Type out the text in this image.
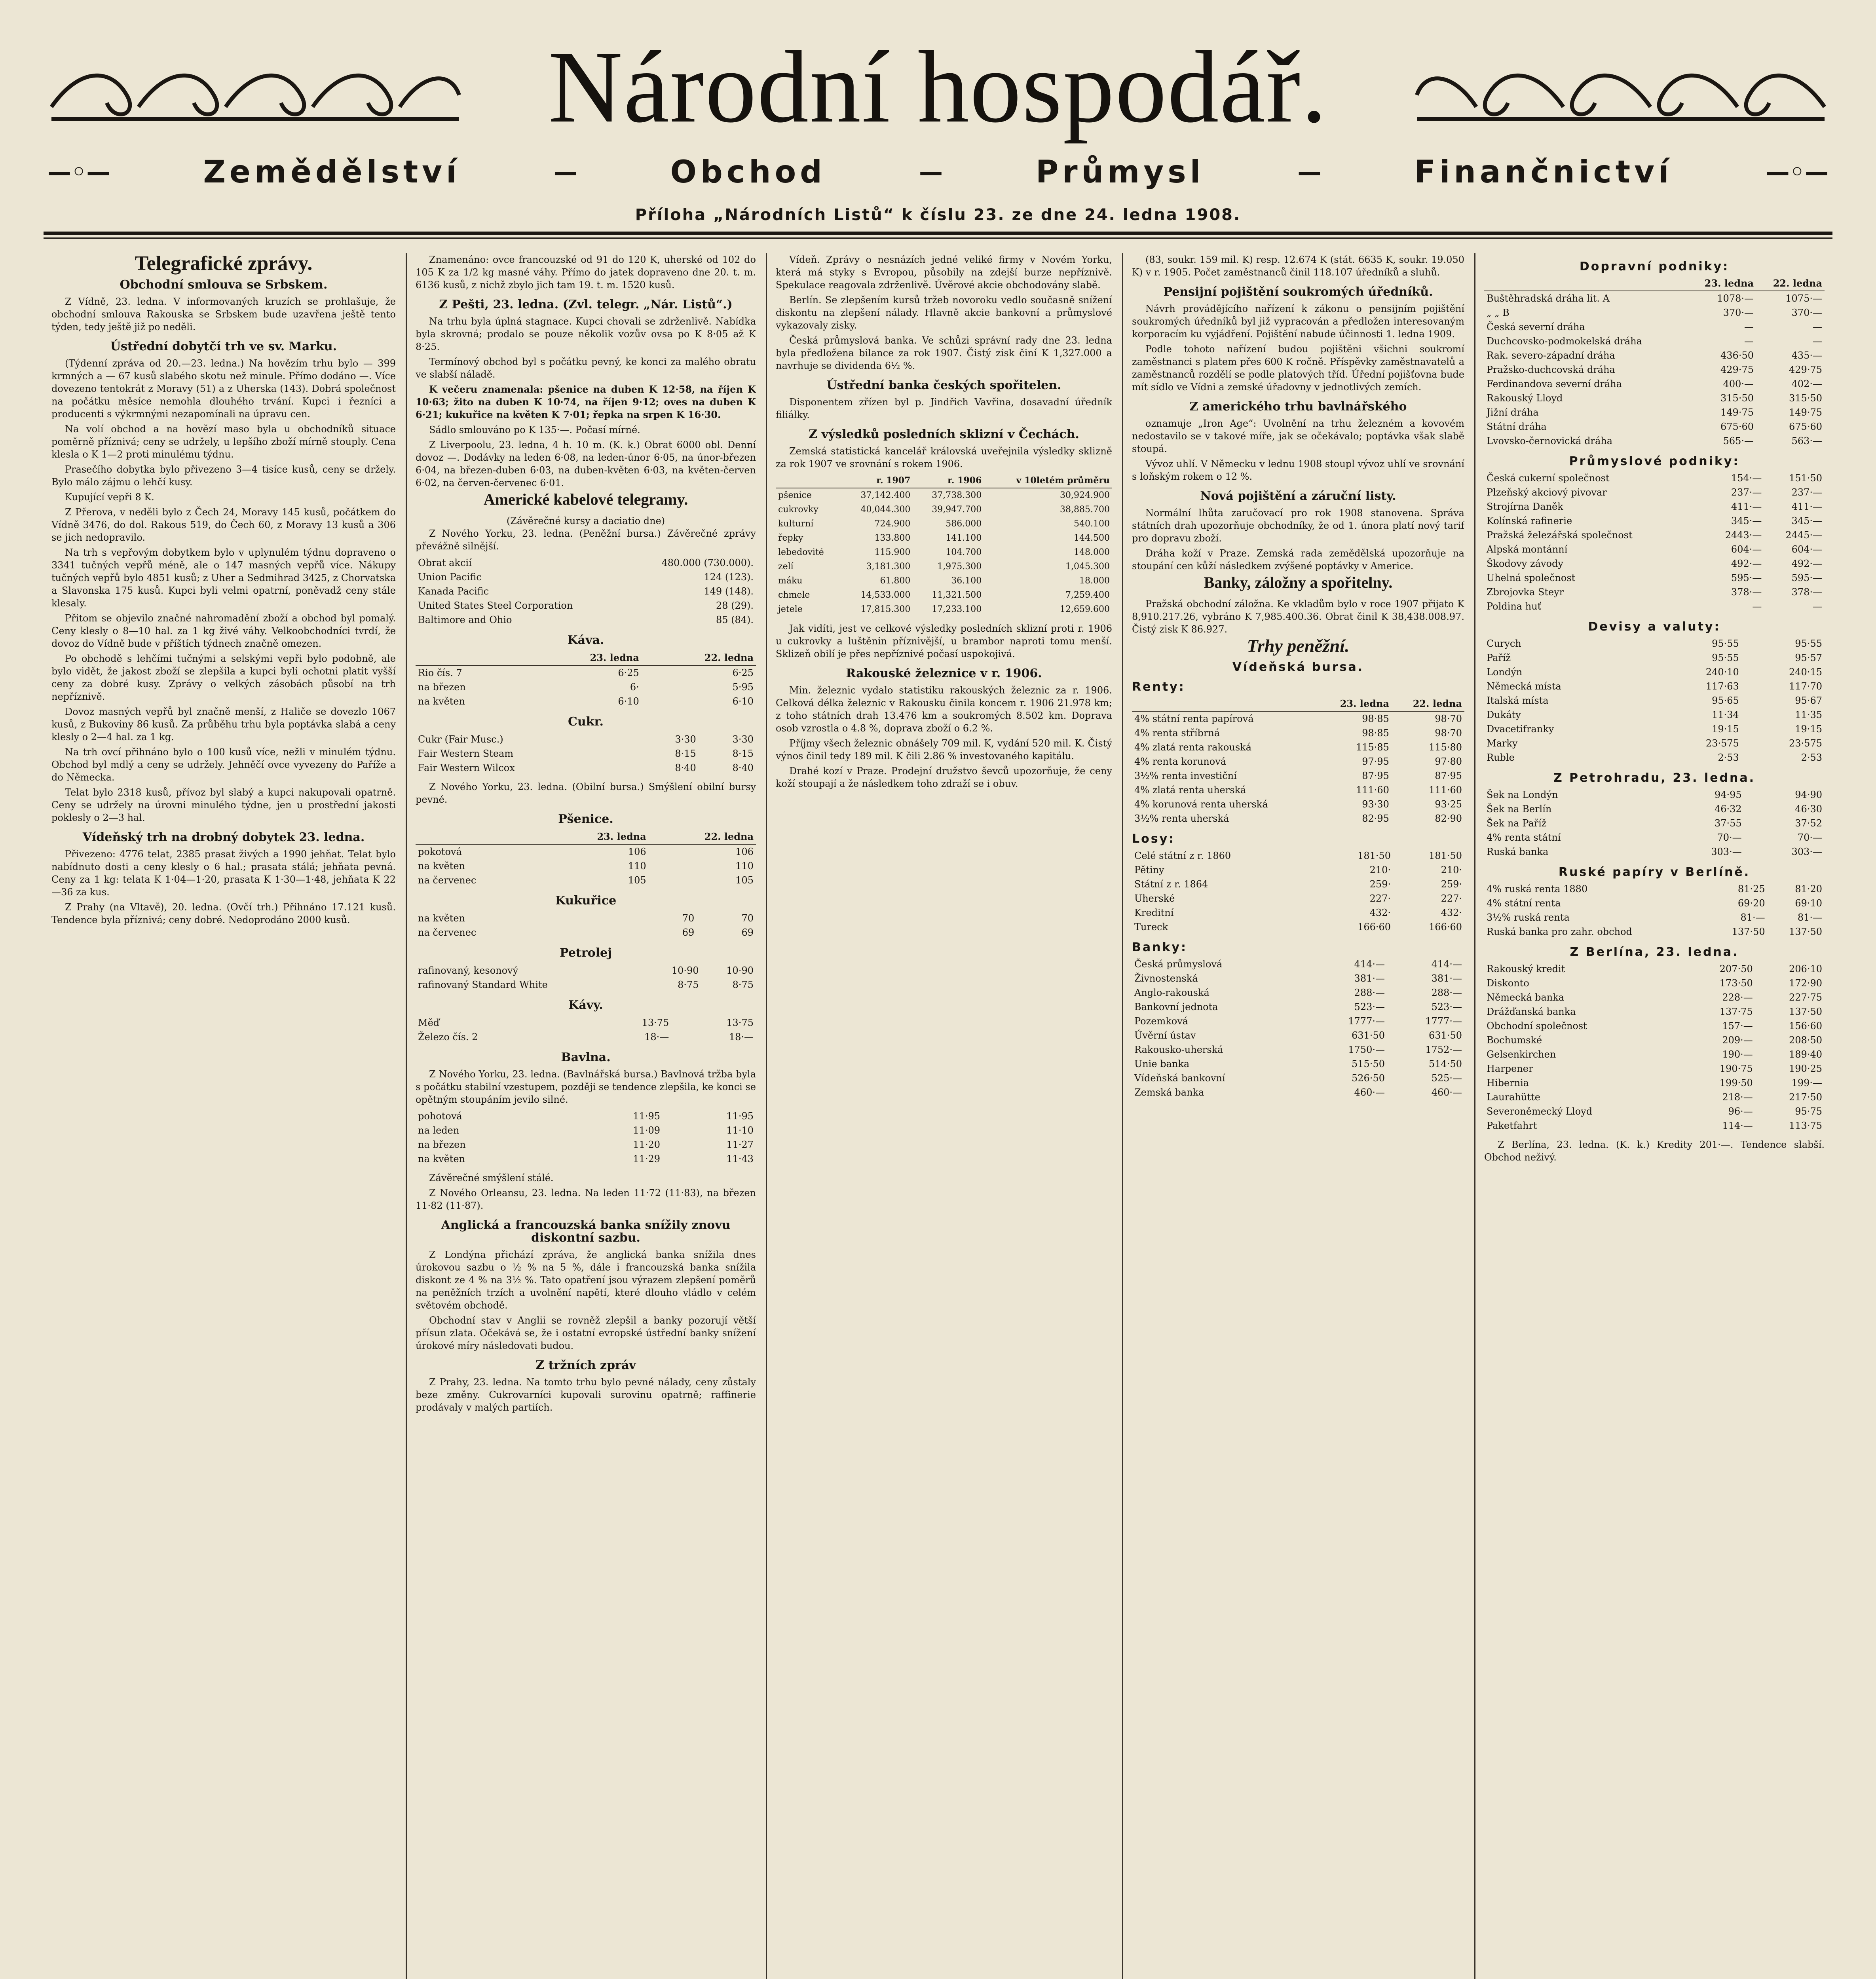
Národní hospodář.
—◦—	Zemědělství	—	Obchod	—	Průmysl	—	Finančnictví	—◦—
Příloha „Národních Listů“ k číslu 23. ze dne 24. ledna 1908.
Telegrafické zprávy.
Obchodní smlouva se Srbskem.

Z Vídně, 23. ledna. V informovaných kruzích se prohlašuje, že obchodní smlouva Rakouska se Srbskem bude uzavřena ještě tento týden, tedy ještě již po neděli.

Ústřední dobytčí trh ve sv. Marku.

(Týdenní zpráva od 20.—23. ledna.) Na hovězím trhu bylo — 399 krmných a — 67 kusů slabého skotu než minule. Přímo dodáno —. Více dovezeno tentokrát z Moravy (51) a z Uherska (143). Dobrá společnost na počátku měsíce nemohla dlouhého trvání. Kupci i řezníci a producenti s výkrmnými nezapomínali na úpravu cen.

Na volí obchod a na hovězí maso byla u obchodníků situace poměrně příznivá; ceny se udržely, u lepšího zboží mírně stouply. Cena klesla o K 1—2 proti minulému týdnu.

Prasečího dobytka bylo přivezeno 3—4 tisíce kusů, ceny se držely. Bylo málo zájmu o lehčí kusy.

Kupující vepři 8 K.

Z Přerova, v neděli bylo z Čech 24, Moravy 145 kusů, počátkem do Vídně 3476, do dol. Rakous 519, do Čech 60, z Moravy 13 kusů a 306 se jich nedopravilo.

Na trh s vepřovým dobytkem bylo v uplynulém týdnu dopraveno o 3341 tučných vepřů méně, ale o 147 masných vepřů více. Nákupy tučných vepřů bylo 4851 kusů; z Uher a Sedmihrad 3425, z Chorvatska a Slavonska 175 kusů. Kupci byli velmi opatrní, poněvadž ceny stále klesaly.

Přitom se objevilo značné nahromadění zboží a obchod byl pomalý. Ceny klesly o 8—10 hal. za 1 kg živé váhy. Velkoobchodníci tvrdí, že dovoz do Vídně bude v příštích týdnech značně omezen.

Po obchodě s lehčími tučnými a selskými vepři bylo podobně, ale bylo vidět, že jakost zboží se zlepšila a kupci byli ochotni platit vyšší ceny za dobré kusy. Zprávy o velkých zásobách působí na trh nepříznivě.

Dovoz masných vepřů byl značně menší, z Haliče se dovezlo 1067 kusů, z Bukoviny 86 kusů. Za průběhu trhu byla poptávka slabá a ceny klesly o 2—4 hal. za 1 kg.

Na trh ovcí přihnáno bylo o 100 kusů více, nežli v minulém týdnu. Obchod byl mdlý a ceny se udržely. Jehněčí ovce vyvezeny do Paříže a do Německa.

Telat bylo 2318 kusů, přívoz byl slabý a kupci nakupovali opatrně. Ceny se udržely na úrovni minulého týdne, jen u prostřední jakosti poklesly o 2—3 hal.

Vídeňský trh na drobný dobytek 23. ledna.

Přivezeno: 4776 telat, 2385 prasat živých a 1990 jehňat. Telat bylo nabídnuto dosti a ceny klesly o 6 hal.; prasata stálá; jehňata pevná. Ceny za 1 kg: telata K 1·04—1·20, prasata K 1·30—1·48, jehňata K 22—36 za kus.

Z Prahy (na Vltavě), 20. ledna. (Ovčí trh.) Přihnáno 17.121 kusů. Tendence byla příznivá; ceny dobré. Nedoprodáno 2000 kusů.

Znamenáno: ovce francouzské od 91 do 120 K, uherské od 102 do 105 K za 1/2 kg masné váhy. Přímo do jatek dopraveno dne 20. t. m. 6136 kusů, z nichž zbylo jich tam 19. t. m. 1520 kusů.

Z Pešti, 23. ledna. (Zvl. telegr. „Nár. Listů“.)

Na trhu byla úplná stagnace. Kupci chovali se zdrženlivě. Nabídka byla skrovná; prodalo se pouze několik vozův ovsa po K 8·05 až K 8·25.

Termínový obchod byl s počátku pevný, ke konci za malého obratu ve slabší náladě.

K večeru znamenala: pšenice na duben K 12·58, na říjen K 10·63; žito na duben K 10·74, na říjen 9·12; oves na duben K 6·21; kukuřice na květen K 7·01; řepka na srpen K 16·30.

Sádlo smlouváno po K 135·—. Počasí mírné.

Z Liverpoolu, 23. ledna, 4 h. 10 m. (K. k.) Obrat 6000 obl. Denní dovoz —. Dodávky na leden 6·08, na leden-únor 6·05, na únor-březen 6·04, na březen-duben 6·03, na duben-květen 6·03, na květen-červen 6·02, na červen-červenec 6·01.

Americké kabelové telegramy.
(Závěrečné kursy a daciatio dne)

Z Nového Yorku, 23. ledna. (Peněžní bursa.) Závěrečné zprávy převážně silnější.

Obrat akcií	480.000 (730.000).
Union Pacific	124 (123).
Kanada Pacific	149 (148).
United States Steel Corporation	28 (29).
Baltimore and Ohio	85 (84).
Káva.
	23. ledna	22. ledna
Rio čís. 7	6·25	6·25
na březen	6·	5·95
na květen	6·10	6·10
Cukr.
Cukr (Fair Musc.)	3·30	3·30
Fair Western Steam	8·15	8·15
Fair Western Wilcox	8·40	8·40

Z Nového Yorku, 23. ledna. (Obilní bursa.) Smýšlení obilní bursy pevné.

Pšenice.
	23. ledna	22. ledna
pokotová	106	106
na květen	110	110
na červenec	105	105
Kukuřice
na květen	70	70
na červenec	69	69
Petrolej
rafinovaný, kesonový	10·90	10·90
rafinovaný Standard White	8·75	8·75
Kávy.
Měď	13·75	13·75
Železo čís. 2	18·—	18·—
Bavlna.

Z Nového Yorku, 23. ledna. (Bavlnářská bursa.) Bavlnová tržba byla s počátku stabilní vzestupem, později se tendence zlepšila, ke konci se opětným stoupáním jevilo silné.

pohotová	11·95	11·95
na leden	11·09	11·10
na březen	11·20	11·27
na květen	11·29	11·43

Závěrečné smýšlení stálé.

Z Nového Orleansu, 23. ledna. Na leden 11·72 (11·83), na březen 11·82 (11·87).

Anglická a francouzská banka snížily znovu diskontní sazbu.

Z Londýna přichází zpráva, že anglická banka snížila dnes úrokovou sazbu o ½ % na 5 %, dále i francouzská banka snížila diskont ze 4 % na 3½ %. Tato opatření jsou výrazem zlepšení poměrů na peněžních trzích a uvolnění napětí, které dlouho vládlo v celém světovém obchodě.

Obchodní stav v Anglii se rovněž zlepšil a banky pozorují větší přísun zlata. Očekává se, že i ostatní evropské ústřední banky snížení úrokové míry následovati budou.

Z tržních zpráv

Z Prahy, 23. ledna. Na tomto trhu bylo pevné nálady, ceny zůstaly beze změny. Cukrovarníci kupovali surovinu opatrně; raffinerie prodávaly v malých partiích.

Vídeň. Zprávy o nesnázích jedné veliké firmy v Novém Yorku, která má styky s Evropou, působily na zdejší burze nepříznivě. Spekulace reagovala zdrženlivě. Úvěrové akcie obchodovány slabě.

Berlín. Se zlepšením kursů tržeb novoroku vedlo současně snížení diskontu na zlepšení nálady. Hlavně akcie bankovní a průmyslové vykazovaly zisky.

Česká průmyslová banka. Ve schůzi správní rady dne 23. ledna byla předložena bilance za rok 1907. Čistý zisk činí K 1,327.000 a navrhuje se dividenda 6½ %.

Ústřední banka českých spořitelen.

Disponentem zřízen byl p. Jindřich Vavřina, dosavadní úředník filiálky.

Z výsledků posledních sklizní v Čechách.

Zemská statistická kancelář královská uveřejnila výsledky sklizně za rok 1907 ve srovnání s rokem 1906.

	r. 1907	r. 1906	v 10letém průměru
pšenice	37,142.400	37,738.300	30,924.900
cukrovky	40,044.300	39,947.700	38,885.700
kulturní	724.900	586.000	540.100
řepky	133.800	141.100	144.500
lebedovité	115.900	104.700	148.000
zelí	3,181.300	1,975.300	1,045.300
máku	61.800	36.100	18.000
chmele	14,533.000	11,321.500	7,259.400
jetele	17,815.300	17,233.100	12,659.600

Jak vidíti, jest ve celkové výsledky posledních sklizní proti r. 1906 u cukrovky a luštěnin příznivější, u brambor naproti tomu menší. Sklizeň obilí je přes nepříznivé počasí uspokojivá.

Rakouské železnice v r. 1906.

Min. železnic vydalo statistiku rakouských železnic za r. 1906. Celková délka železnic v Rakousku činila koncem r. 1906 21.978 km; z toho státních drah 13.476 km a soukromých 8.502 km. Doprava osob vzrostla o 4.8 %, doprava zboží o 6.2 %.

Příjmy všech železnic obnášely 709 mil. K, vydání 520 mil. K. Čistý výnos činil tedy 189 mil. K čili 2.86 % investovaného kapitálu.

Drahé kozí v Praze. Prodejní družstvo ševců upozorňuje, že ceny koží stoupají a že následkem toho zdraží se i obuv.

(83, soukr. 159 mil. K) resp. 12.674 K (stát. 6635 K, soukr. 19.050 K) v r. 1905. Počet zaměstnanců činil 118.107 úředníků a sluhů.

Pensijní pojištění soukromých úředníků.

Návrh provádějícího nařízení k zákonu o pensijním pojištění soukromých úředníků byl již vypracován a předložen interesovaným korporacím ku vyjádření. Pojištění nabude účinnosti 1. ledna 1909.

Podle tohoto nařízení budou pojištěni všichni soukromí zaměstnanci s platem přes 600 K ročně. Příspěvky zaměstnavatelů a zaměstnanců rozdělí se podle platových tříd. Úřední pojišťovna bude mít sídlo ve Vídni a zemské úřadovny v jednotlivých zemích.

Z amerického trhu bavlnářského

oznamuje „Iron Age“: Uvolnění na trhu železném a kovovém nedostavilo se v takové míře, jak se očekávalo; poptávka však slabě stoupá.

Vývoz uhlí. V Německu v lednu 1908 stoupl vývoz uhlí ve srovnání s loňským rokem o 12 %.

Nová pojištění a záruční listy.

Normální lhůta zaručovací pro rok 1908 stanovena. Správa státních drah upozorňuje obchodníky, že od 1. února platí nový tarif pro dopravu zboží.

Dráha koží v Praze. Zemská rada zemědělská upozorňuje na stoupání cen kůží následkem zvýšené poptávky v Americe.

Banky, záložny a spořitelny.

Pražská obchodní záložna. Ke vkladům bylo v roce 1907 přijato K 8,910.217.26, vybráno K 7,985.400.36. Obrat činil K 38,438.008.97. Čistý zisk K 86.927.

Trhy peněžní.
Vídeňská bursa.
Renty:
	23. ledna	22. ledna
4% státní renta papírová	98·85	98·70
4% renta stříbrná	98·85	98·70
4% zlatá renta rakouská	115·85	115·80
4% renta korunová	97·95	97·80
3½% renta investiční	87·95	87·95
4% zlatá renta uherská	111·60	111·60
4% korunová renta uherská	93·30	93·25
3½% renta uherská	82·95	82·90
Losy:
Celé státní z r. 1860	181·50	181·50
Pětiny	210·	210·
Státní z r. 1864	259·	259·
Uherské	227·	227·
Kreditní	432·	432·
Tureck	166·60	166·60
Banky:
Česká průmyslová	414·—	414·—
Živnostenská	381·—	381·—
Anglo-rakouská	288·—	288·—
Bankovní jednota	523·—	523·—
Pozemková	1777·—	1777·—
Úvěrní ústav	631·50	631·50
Rakousko-uherská	1750·—	1752·—
Unie banka	515·50	514·50
Vídeňská bankovní	526·50	525·—
Zemská banka	460·—	460·—
Dopravní podniky:
	23. ledna	22. ledna
Buštěhradská dráha lit. A	1078·—	1075·—
„ „ B	370·—	370·—
Česká severní dráha	—	—
Duchcovsko-podmokelská dráha	—	—
Rak. severo-západní dráha	436·50	435·—
Pražsko-duchcovská dráha	429·75	429·75
Ferdinandova severní dráha	400·—	402·—
Rakouský Lloyd	315·50	315·50
Jižní dráha	149·75	149·75
Státní dráha	675·60	675·60
Lvovsko-černovická dráha	565·—	563·—
Průmyslové podniky:
Česká cukerní společnost	154·—	151·50
Plzeňský akciový pivovar	237·—	237·—
Strojírna Daněk	411·—	411·—
Kolínská rafinerie	345·—	345·—
Pražská železářská společnost	2443·—	2445·—
Alpská montánní	604·—	604·—
Škodovy závody	492·—	492·—
Uhelná společnost	595·—	595·—
Zbrojovka Steyr	378·—	378·—
Poldina huť	—	—
Devisy a valuty:
Curych	95·55	95·55
Paříž	95·55	95·57
Londýn	240·10	240·15
Německá místa	117·63	117·70
Italská místa	95·65	95·67
Dukáty	11·34	11·35
Dvacetifranky	19·15	19·15
Marky	23·575	23·575
Ruble	2·53	2·53
Z Petrohradu, 23. ledna.
Šek na Londýn	94·95	94·90
Šek na Berlín	46·32	46·30
Šek na Paříž	37·55	37·52
4% renta státní	70·—	70·—
Ruská banka	303·—	303·—
Ruské papíry v Berlíně.
4% ruská renta 1880	81·25	81·20
4% státní renta	69·20	69·10
3½% ruská renta	81·—	81·—
Ruská banka pro zahr. obchod	137·50	137·50
Z Berlína, 23. ledna.
Rakouský kredit	207·50	206·10
Diskonto	173·50	172·90
Německá banka	228·—	227·75
Drážďanská banka	137·75	137·50
Obchodní společnost	157·—	156·60
Bochumské	209·—	208·50
Gelsenkirchen	190·—	189·40
Harpener	190·75	190·25
Hibernia	199·50	199·—
Laurahütte	218·—	217·50
Severoněmecký Lloyd	96·—	95·75
Paketfahrt	114·—	113·75

Z Berlína, 23. ledna. (K. k.) Kredity 201·—. Tendence slabší. Obchod neživý.
